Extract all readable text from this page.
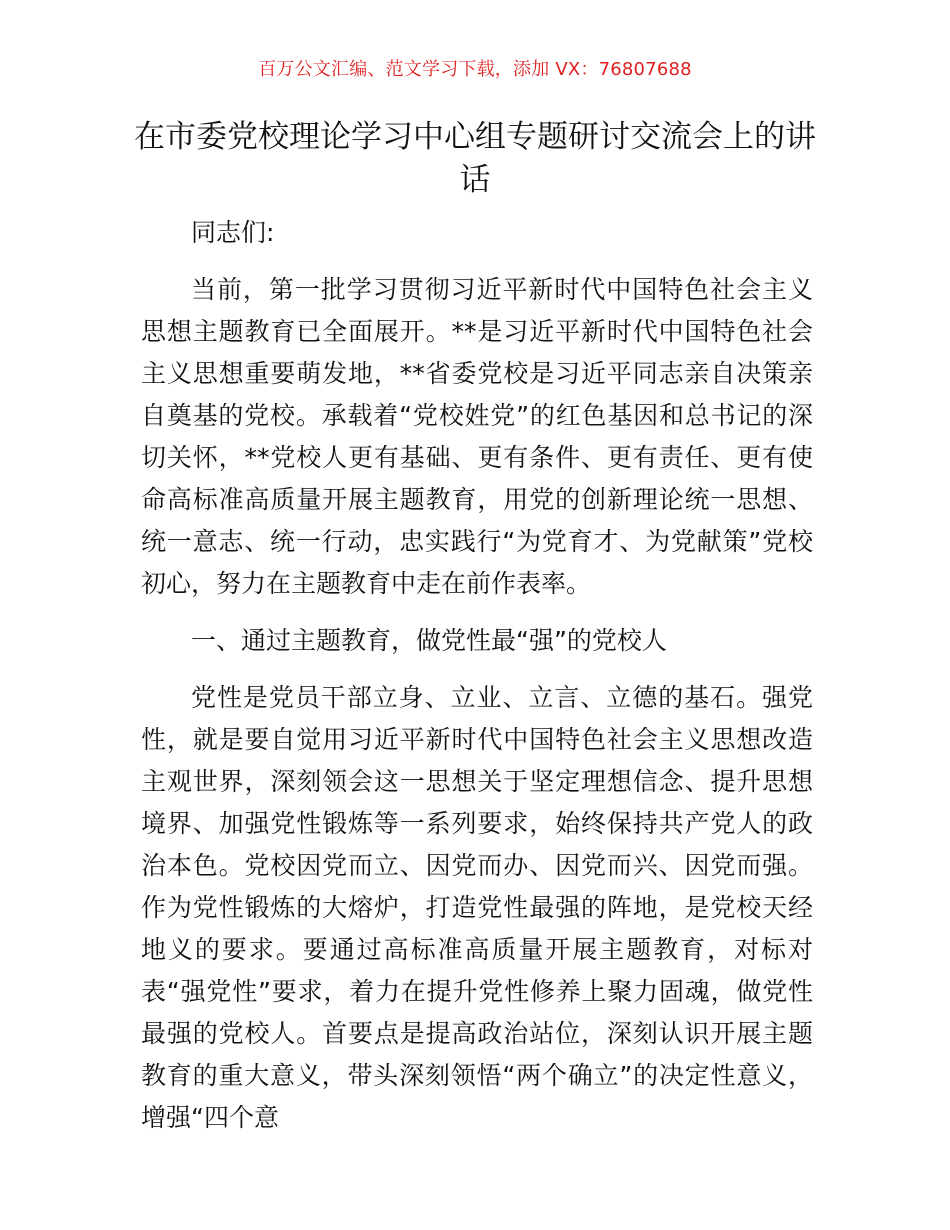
百万公文汇编、范文学习下载，添加 VX：76807688
在市委党校理论学习中心组专题研讨交流会上的讲话

同志们:

当前，第一批学习贯彻习近平新时代中国特色社会主义思想主题教育已全面展开。**是习近平新时代中国特色社会主义思想重要萌发地，**省委党校是习近平同志亲自决策亲自奠基的党校。承载着“党校姓党”的红色基因和总书记的深切关怀，**党校人更有基础、更有条件、更有责任、更有使命高标准高质量开展主题教育，用党的创新理论统一思想、统一意志、统一行动，忠实践行“为党育才、为党献策”党校初心，努力在主题教育中走在前作表率。

一、通过主题教育，做党性最“强”的党校人

党性是党员干部立身、立业、立言、立德的基石。强党性，就是要自觉用习近平新时代中国特色社会主义思想改造主观世界，深刻领会这一思想关于坚定理想信念、提升思想境界、加强党性锻炼等一系列要求，始终保持共产党人的政治本色。党校因党而立、因党而办、因党而兴、因党而强。作为党性锻炼的大熔炉，打造党性最强的阵地，是党校天经地义的要求。要通过高标准高质量开展主题教育，对标对表“强党性”要求，着力在提升党性修养上聚力固魂，做党性最强的党校人。首要点是提高政治站位，深刻认识开展主题教育的重大意义，带头深刻领悟“两个确立”的决定性意义，增强“四个意
